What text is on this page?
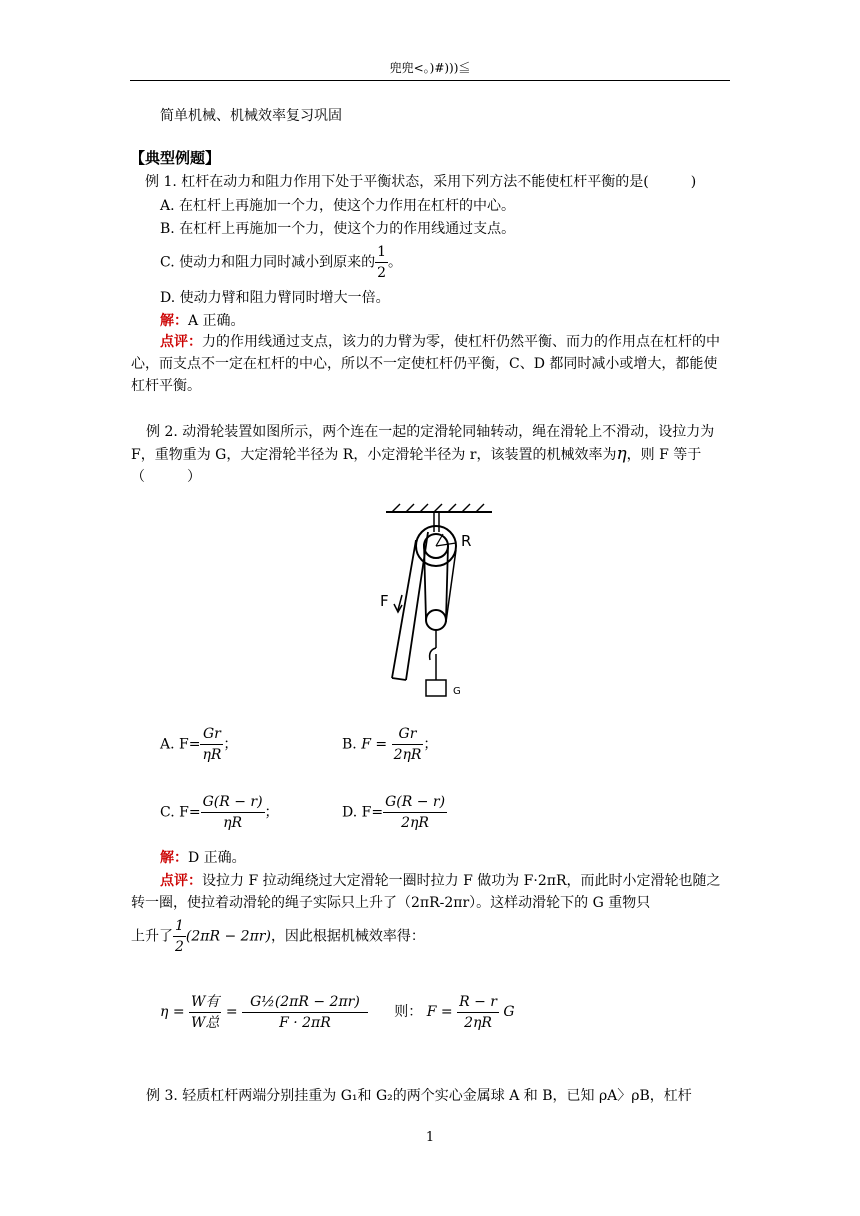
兜兜<。)#)))≦
简单机械、机械效率复习巩固
【典型例题】
例 1. 杠杆在动力和阻力作用下处于平衡状态，采用下列方法不能使杠杆平衡的是(　　　)
A. 在杠杆上再施加一个力，使这个力作用在杠杆的中心。
B. 在杠杆上再施加一个力，使这个力的作用线通过支点。
C. 使动力和阻力同时减小到原来的 $\frac{1}{2}$ 。
D. 使动力臂和阻力臂同时增大一倍。
解：A 正确。
点评：力的作用线通过支点，该力的力臂为零，使杠杆仍然平衡、而力的作用点在杠杆的中心，而支点不一定在杠杆的中心，所以不一定使杠杆仍平衡，C、D 都同时减小或增大，都能使杠杆平衡。
例 2. 动滑轮装置如图所示，两个连在一起的定滑轮同轴转动，绳在滑轮上不滑动，设拉力为 F，重物重为 G，大定滑轮半径为 R，小定滑轮半径为 r，该装置的机械效率为η，则 F 等于（　　　）
R
F
G
A. $F= \frac{Gr}{\eta R}$ ；	B. $F = \frac{Gr}{2\eta R}$ ；
C. $F= \frac{G(R - r)}{\eta R}$ ；	D. $F= \frac{G(R - r)}{2\eta R}$
解：D 正确。
点评：设拉力 F 拉动绳绕过大定滑轮一圈时拉力 F 做功为 F·2πR，而此时小定滑轮也随之转一圈，使拉着动滑轮的绳子实际只上升了（2πR-2πr）。这样动滑轮下的 G 重物只
上升了 $\frac{1}{2} (2\pi R - 2\pi r)$，因此根据机械效率得：
$\eta = \frac{\text{W有}}{\text{W总}} = \frac{\text{G½(2πR − 2πr)}}{F \cdot 2\pi R}$ 则： $F = \frac{R - r}{2\eta R}$ G
例 3. 轻质杠杆两端分别挂重为 G₁和 G₂的两个实心金属球 A 和 B，已知 ρA〉ρB，杠杆
1
